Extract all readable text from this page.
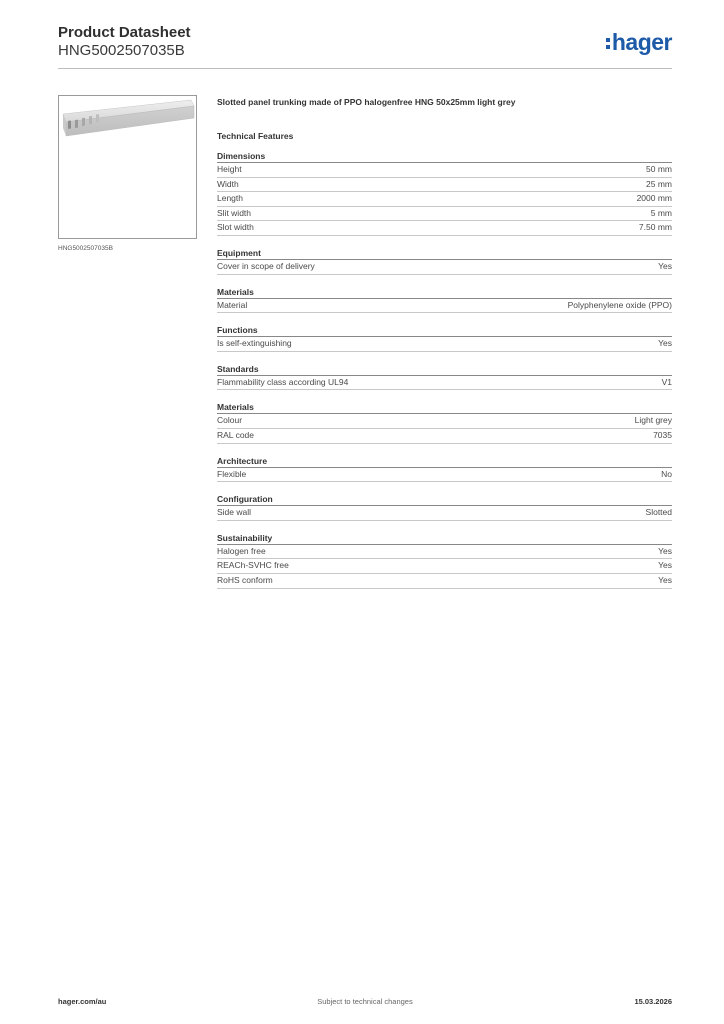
Product Datasheet
HNG5002507035B	hager
HNG5002507035B
Slotted panel trunking made of PPO halogenfree HNG 50x25mm light grey
Technical Features
Dimensions
Height	50 mm
Width	25 mm
Length	2000 mm
Slit width	5 mm
Slot width	7.50 mm
Equipment
Cover in scope of delivery	Yes
Materials
Material	Polyphenylene oxide (PPO)
Functions
Is self-extinguishing	Yes
Standards
Flammability class according UL94	V1
Materials
Colour	Light grey
RAL code	7035
Architecture
Flexible	No
Configuration
Side wall	Slotted
Sustainability
Halogen free	Yes
REACh-SVHC free	Yes
RoHS conform	Yes
hager.com/au	Subject to technical changes	15.03.2026
